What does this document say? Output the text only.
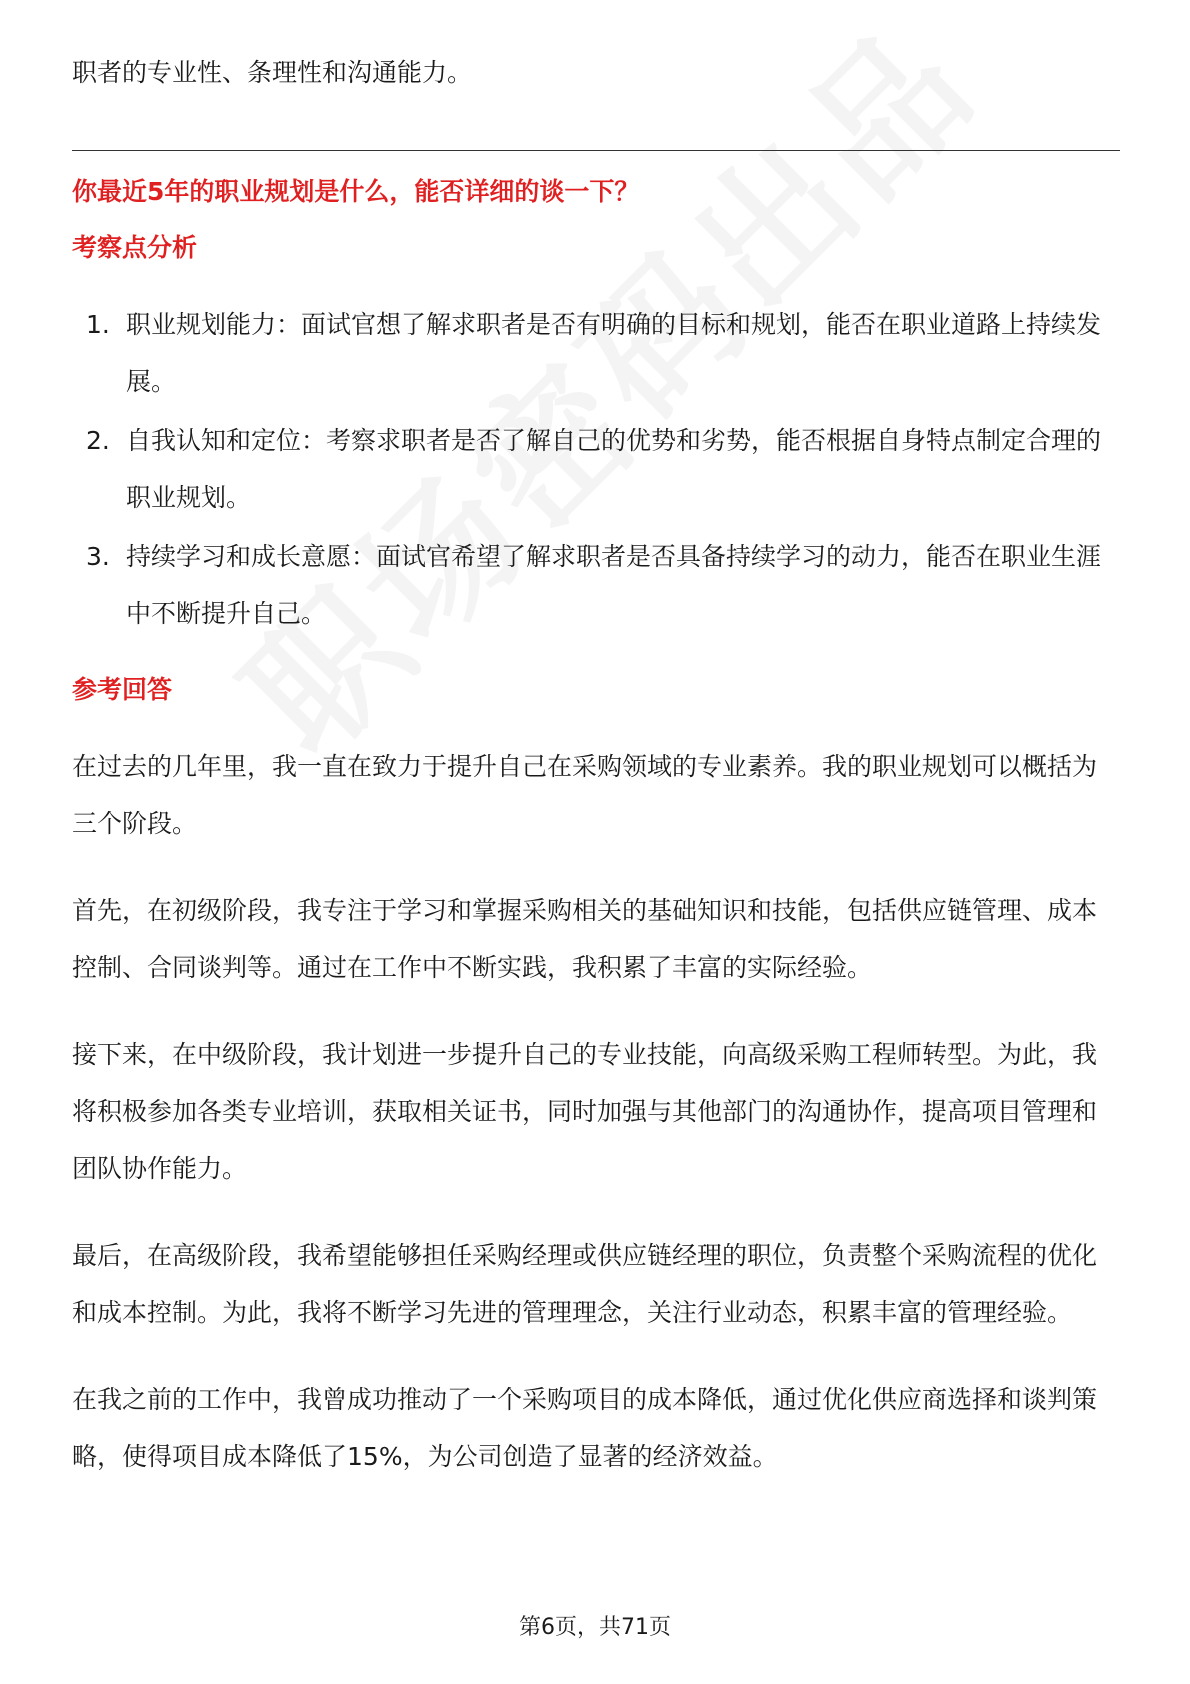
职者的专业性、条理性和沟通能力。

你最近5年的职业规划是什么，能否详细的谈一下？

考察点分析

1. 职业规划能力：面试官想了解求职者是否有明确的目标和规划，能否在职业道路上持续发展。
2. 自我认知和定位：考察求职者是否了解自己的优势和劣势，能否根据自身特点制定合理的职业规划。
3. 持续学习和成长意愿：面试官希望了解求职者是否具备持续学习的动力，能否在职业生涯中不断提升自己。

参考回答

在过去的几年里，我一直在致力于提升自己在采购领域的专业素养。我的职业规划可以概括为三个阶段。

首先，在初级阶段，我专注于学习和掌握采购相关的基础知识和技能，包括供应链管理、成本控制、合同谈判等。通过在工作中不断实践，我积累了丰富的实际经验。

接下来，在中级阶段，我计划进一步提升自己的专业技能，向高级采购工程师转型。为此，我将积极参加各类专业培训，获取相关证书，同时加强与其他部门的沟通协作，提高项目管理和团队协作能力。

最后，在高级阶段，我希望能够担任采购经理或供应链经理的职位，负责整个采购流程的优化和成本控制。为此，我将不断学习先进的管理理念，关注行业动态，积累丰富的管理经验。

在我之前的工作中，我曾成功推动了一个采购项目的成本降低，通过优化供应商选择和谈判策略，使得项目成本降低了15%，为公司创造了显著的经济效益。

第6页，共71页
